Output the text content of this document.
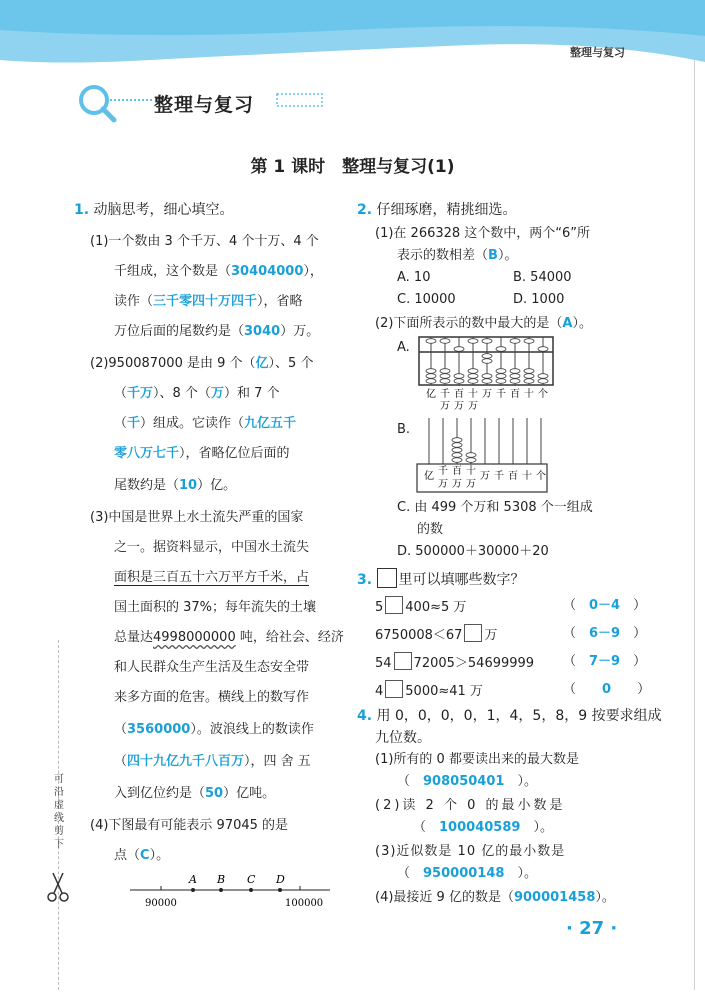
整理与复习
整理与复习
第 1 课时　整理与复习(1)
1. 动脑思考，细心填空。
(1)一个数由 3 个千万、4 个十万、4 个
千组成，这个数是（30404000），
读作（三千零四十万四千），省略
万位后面的尾数约是（3040）万。
(2)950087000 是由 9 个（亿）、5 个
（千万）、8 个（万）和 7 个
（千）组成。它读作（九亿五千
零八万七千），省略亿位后面的
尾数约是（10）亿。
(3)中国是世界上水土流失严重的国家
之一。据资料显示，中国水土流失
面积是三百五十六万平方千米，占
国土面积的 37%；每年流失的土壤
总量达4998000000 吨，给社会、经济
和人民群众生产生活及生态安全带
来多方面的危害。横线上的数写作
（3560000）。波浪线上的数读作
（四十九亿九千八百万），四 舍 五
入到亿位约是（50）亿吨。
(4)下图最有可能表示 97045 的是
点（C）。
A B C D
90000	100000
可沿虚线剪下
2. 仔细琢磨，精挑细选。
(1)在 266328 这个数中，两个“6”所
表示的数相差（B）。
A. 10	B. 54000
C. 10000	D. 1000
(2)下面所表示的数中最大的是（A）。
A.
亿 千 百 十 万 千 百 十 个
万 万 万
B.
亿 千 百 十 万 千 百 十 个
万 万 万
C. 由 499 个万和 5308 个一组成
的数
D. 500000＋30000＋20
3. 里可以填哪些数字？
5 400≈5 万	（　0－4　）
6750008＜67 万	（　6－9　）
54 72005＞54699999 （　7－9　）
4 5000≈41 万	（　　0　　）
4. 用 0，0，0，0，1，4，5，8，9 按要求组成
九位数。
(1)所有的 0 都要读出来的最大数是
（　908050401　）。
(2)读 2 个 0 的最小数是
（　100040589　）。
(3)近似数是 10 亿的最小数是
（　950000148　）。
(4)最接近 9 亿的数是（900001458）。
· 27 ·
